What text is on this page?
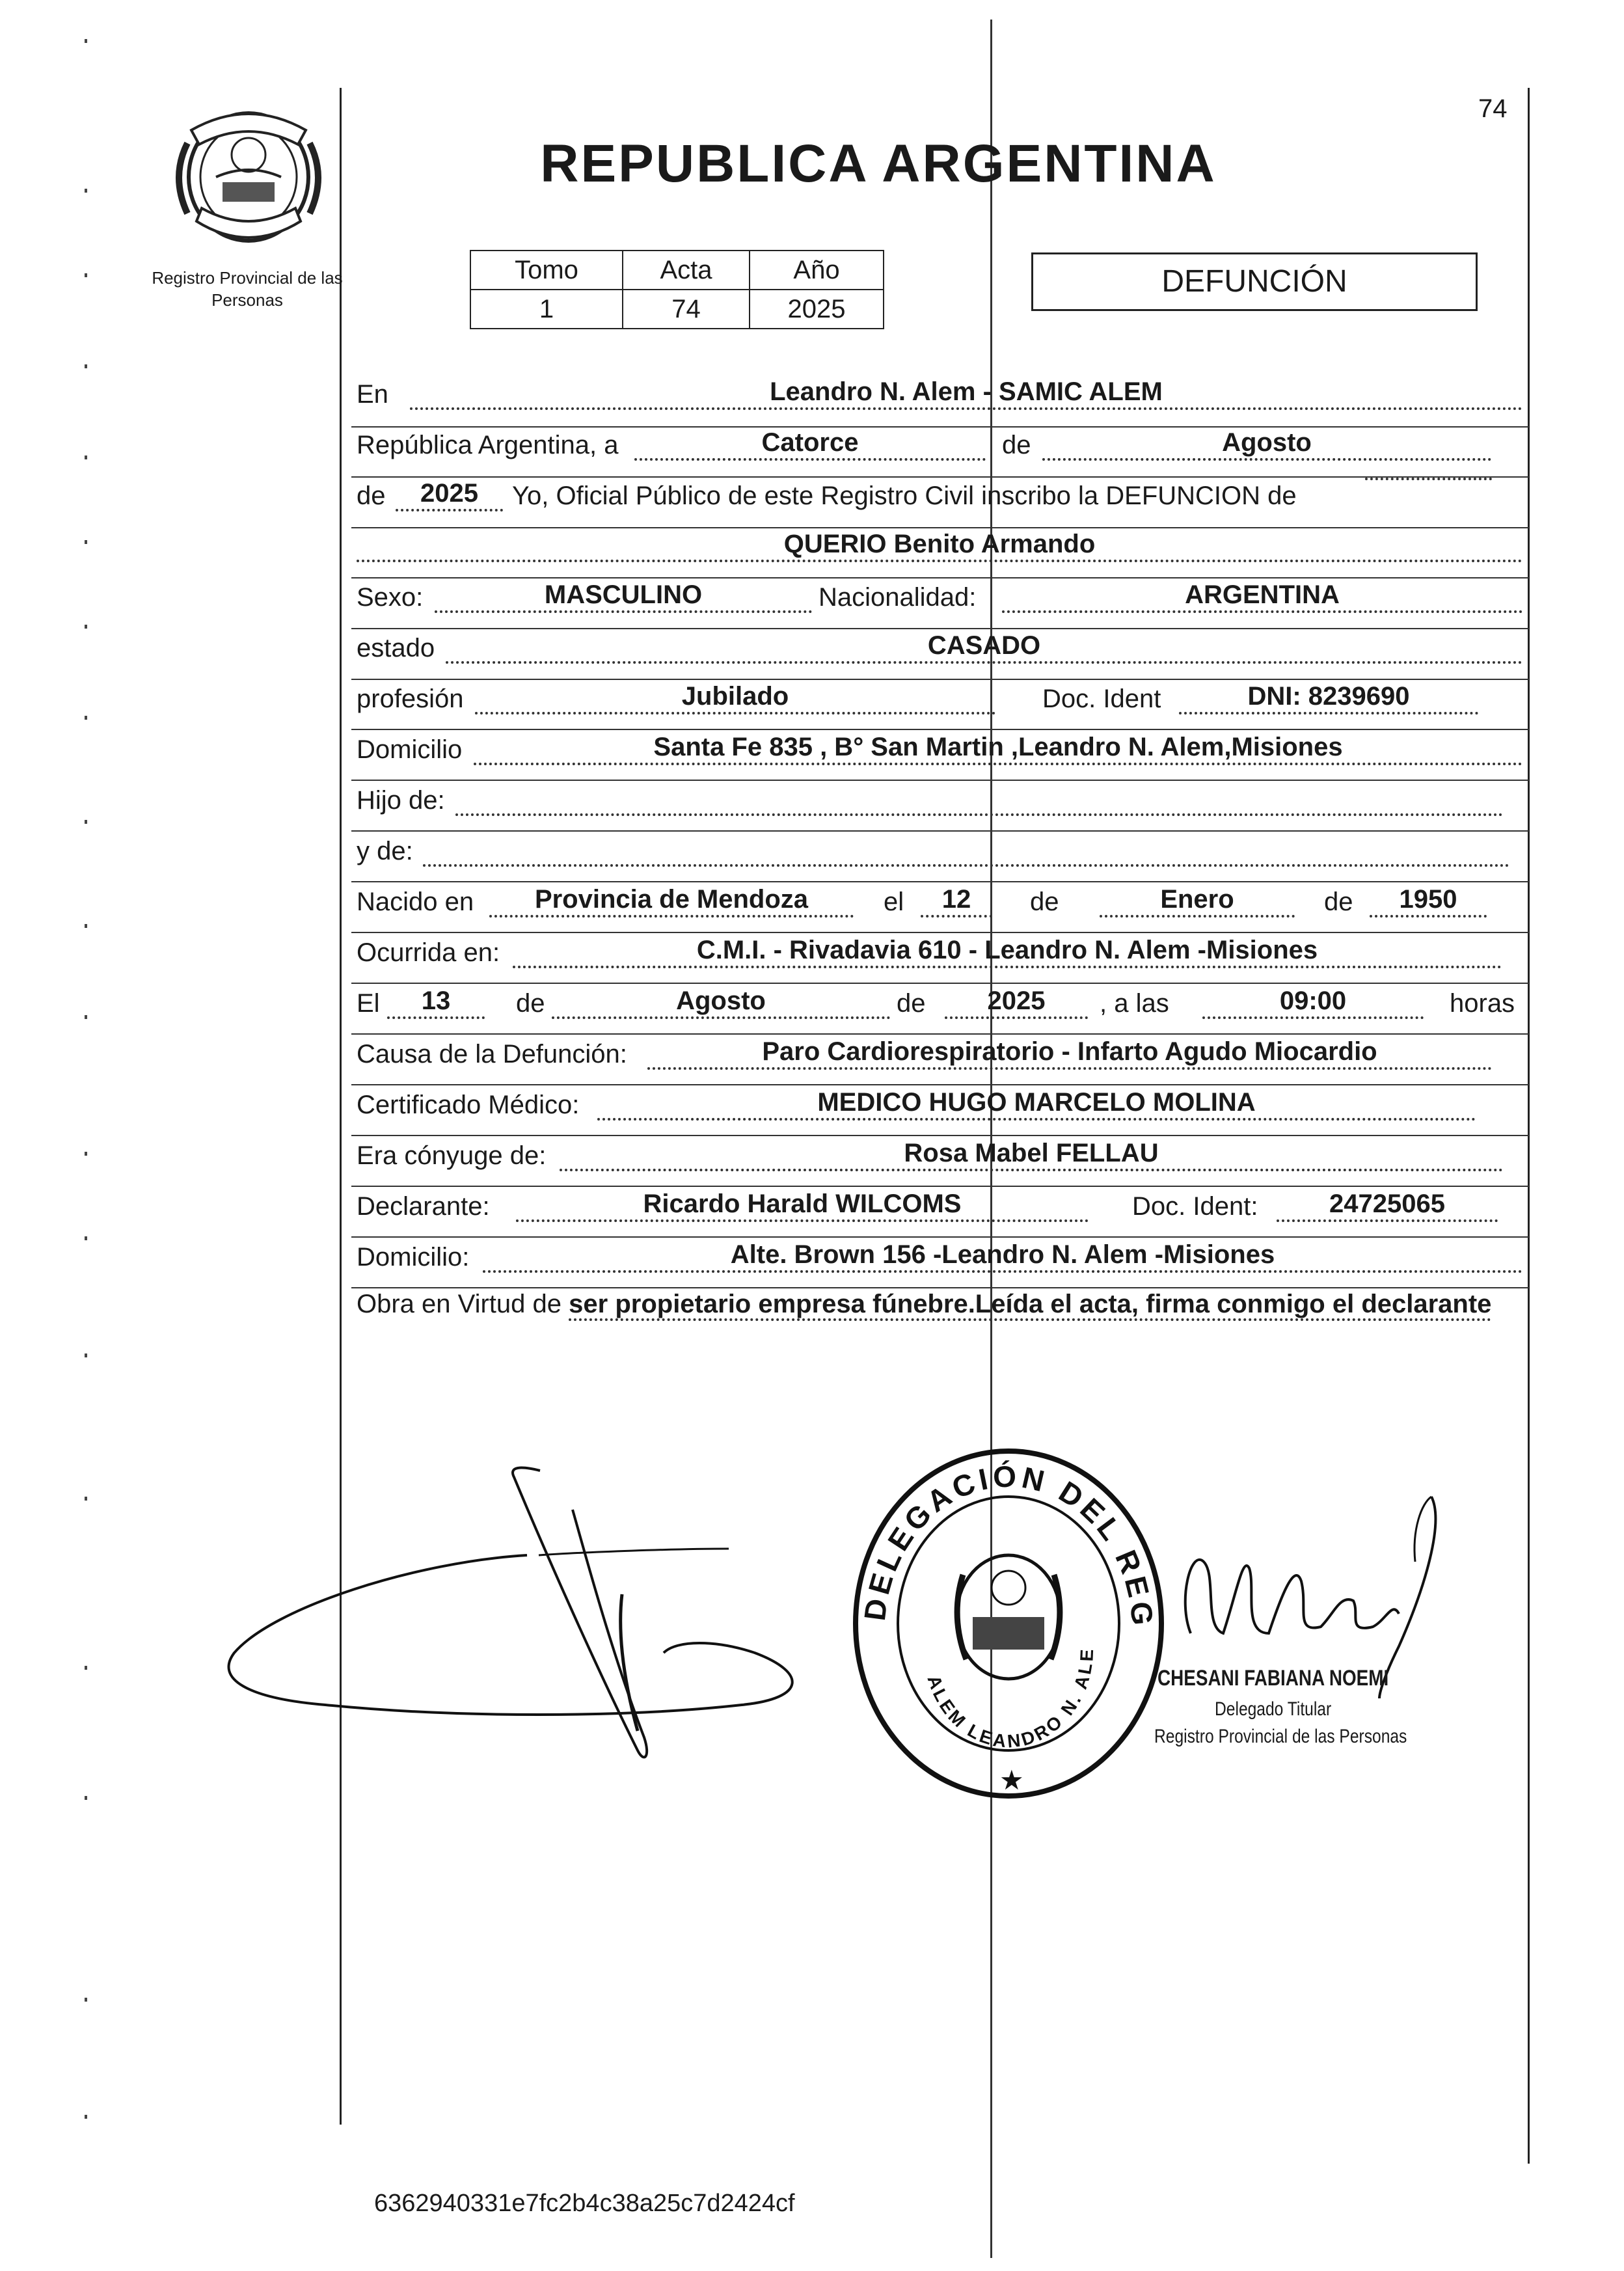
74
Registro Provincial de las Personas
REPUBLICA ARGENTINA
Tomo	Acta	Año
1	74	2025
DEFUNCIÓN
En	Leandro N. Alem - SAMIC ALEM
República Argentina, a	Catorce	de	Agosto
de	2025	Yo, Oficial Público de este Registro Civil inscribo la DEFUNCION de
QUERIO Benito Armando
Sexo:	MASCULINO	Nacionalidad:	ARGENTINA
estado	CASADO
profesión	Jubilado	Doc. Ident	DNI: 8239690
Domicilio	Santa Fe 835 , B° San Martin ,Leandro N. Alem,Misiones
Hijo de:
y de:
Nacido en	Provincia de Mendoza	el	12	de	Enero	de	1950
Ocurrida en:	C.M.I. - Rivadavia 610 - Leandro N. Alem -Misiones
El	13	de	Agosto	de	2025	, a las	09:00	horas
Causa de la Defunción:	Paro Cardiorespiratorio - Infarto Agudo Miocardio
Certificado Médico:	MEDICO HUGO MARCELO MOLINA
Era cónyuge de:	Rosa Mabel FELLAU
Declarante:	Ricardo Harald WILCOMS	Doc. Ident:	24725065
Domicilio:	Alte. Brown 156 -Leandro N. Alem -Misiones
Obra en Virtud de ser propietario empresa fúnebre.Leída el acta, firma conmigo el declarante
DELEGACIÓN DEL REG
ALEM LEANDRO N. ALE
★
CHESANI FABIANA NOEMI
Delegado Titular
Registro Provincial de las Personas
6362940331e7fc2b4c38a25c7d2424cf
